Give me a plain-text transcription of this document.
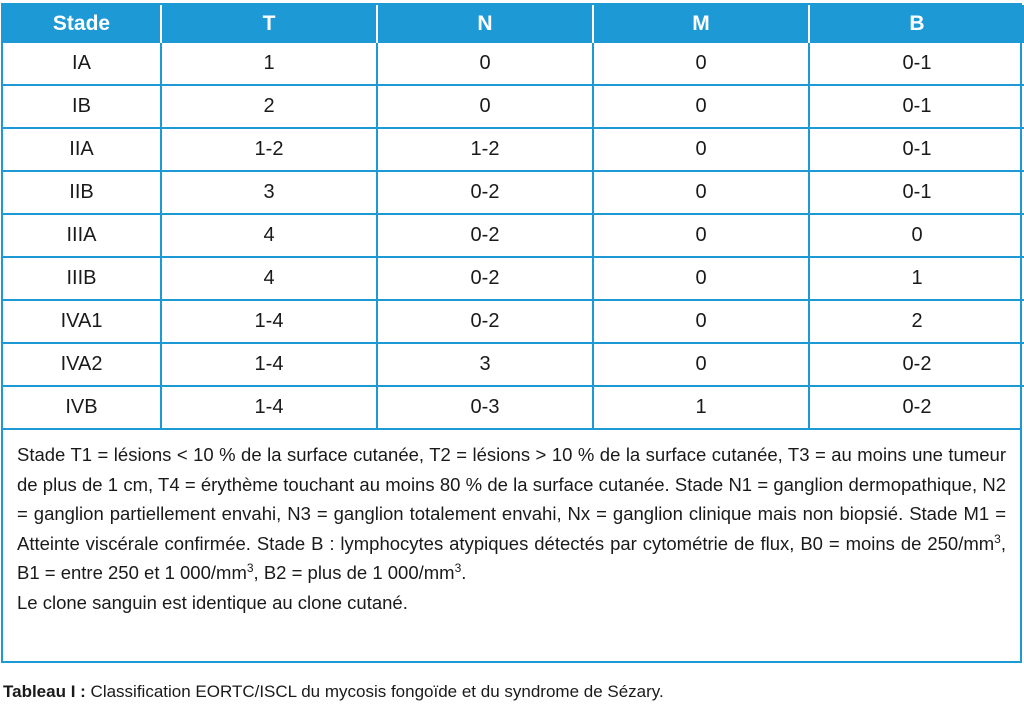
Stade	T	N	M	B
IA	1	0	0	0-1
IB	2	0	0	0-1
IIA	1-2	1-2	0	0-1
IIB	3	0-2	0	0-1
IIIA	4	0-2	0	0
IIIB	4	0-2	0	1
IVA1	1-4	0-2	0	2
IVA2	1-4	3	0	0-2
IVB	1-4	0-3	1	0-2

Stade T1 = lésions < 10 % de la surface cutanée, T2 = lésions > 10 % de la surface cutanée, T3 = au moins une tumeur de plus de 1 cm, T4 = érythème touchant au moins 80 % de la surface cutanée. Stade N1 = ganglion dermopathique, N2 = ganglion partiellement envahi, N3 = ganglion totalement envahi, Nx = ganglion clinique mais non biopsié. Stade M1 = Atteinte viscérale confirmée. Stade B : lymphocytes atypiques détectés par cytométrie de flux, B0 = moins de $250/mm^3$, B1 = entre 250 et 1 $000/mm^3$, B2 = plus de 1 $000/mm^3$.

Le clone sanguin est identique au clone cutané.

Tableau I : Classification EORTC/ISCL du mycosis fongoïde et du syndrome de Sézary.
